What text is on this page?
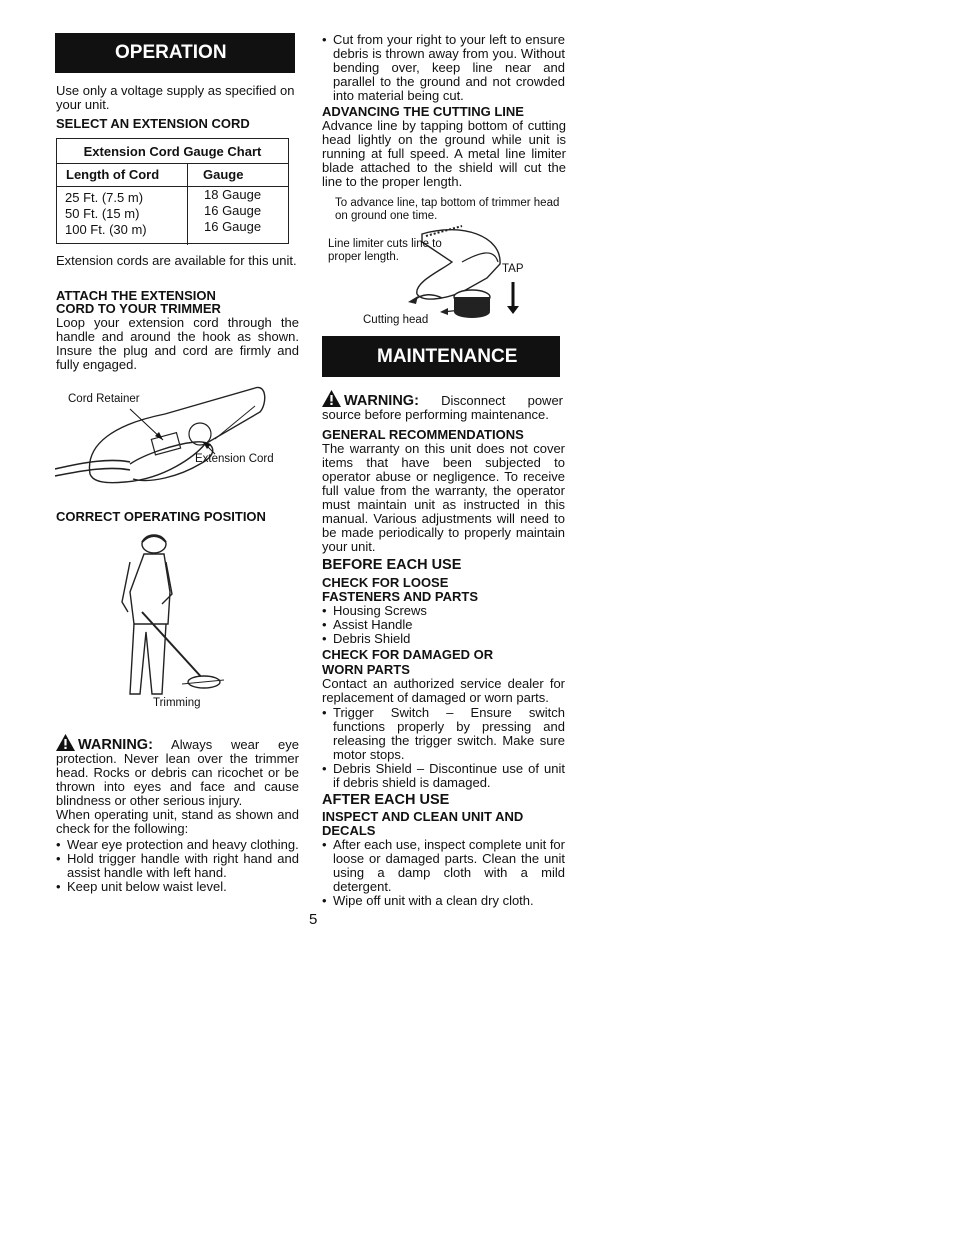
OPERATION

Use only a voltage supply as specified on your unit.

SELECT AN EXTENSION CORD
Extension Cord Gauge Chart
Length of Cord	Gauge
25 Ft. (7.5 m)
50 Ft. (15 m)
100 Ft. (30 m)
18 Gauge
16 Gauge
16 Gauge
Extension cords are available for this unit.
ATTACH THE EXTENSION
CORD TO YOUR TRIMMER
Loop your extension cord through the handle and around the hook as shown. Insure the plug and cord are firmly and fully engaged.
Cord Retainer
Extension Cord
CORRECT OPERATING POSITION
Trimming
WARNING: Always wear eye protection. Never lean over the trimmer head. Rocks or debris can ricochet or be thrown into eyes and face and cause blindness or other serious injury.
When operating unit, stand as shown and check for the following:
• Wear eye protection and heavy clothing.
• Hold trigger handle with right hand and assist handle with left hand.
• Keep unit below waist level.
• Cut from your right to your left to ensure debris is thrown away from you. Without bending over, keep line near and parallel to the ground and not crowded into material being cut.
ADVANCING THE CUTTING LINE
Advance line by tapping bottom of cutting head lightly on the ground while unit is running at full speed. A metal line limiter blade attached to the shield will cut the line to the proper length.
To advance line, tap bottom of trimmer head on ground one time.
Line limiter cuts line to proper length.
TAP
Cutting head
MAINTENANCE
WARNING: Disconnect power source before performing maintenance.
GENERAL RECOMMENDATIONS
The warranty on this unit does not cover items that have been subjected to operator abuse or negligence. To receive full value from the warranty, the operator must maintain unit as instructed in this manual. Various adjustments will need to be made periodically to properly maintain your unit.
BEFORE EACH USE
CHECK FOR LOOSE
FASTENERS AND PARTS
• Housing Screws
• Assist Handle
• Debris Shield
CHECK FOR DAMAGED OR
WORN PARTS
Contact an authorized service dealer for replacement of damaged or worn parts.
• Trigger Switch – Ensure switch functions properly by pressing and releasing the trigger switch. Make sure motor stops.
• Debris Shield – Discontinue use of unit if debris shield is damaged.
AFTER EACH USE
INSPECT AND CLEAN UNIT AND DECALS
• After each use, inspect complete unit for loose or damaged parts. Clean the unit using a damp cloth with a mild detergent.
• Wipe off unit with a clean dry cloth.
5
